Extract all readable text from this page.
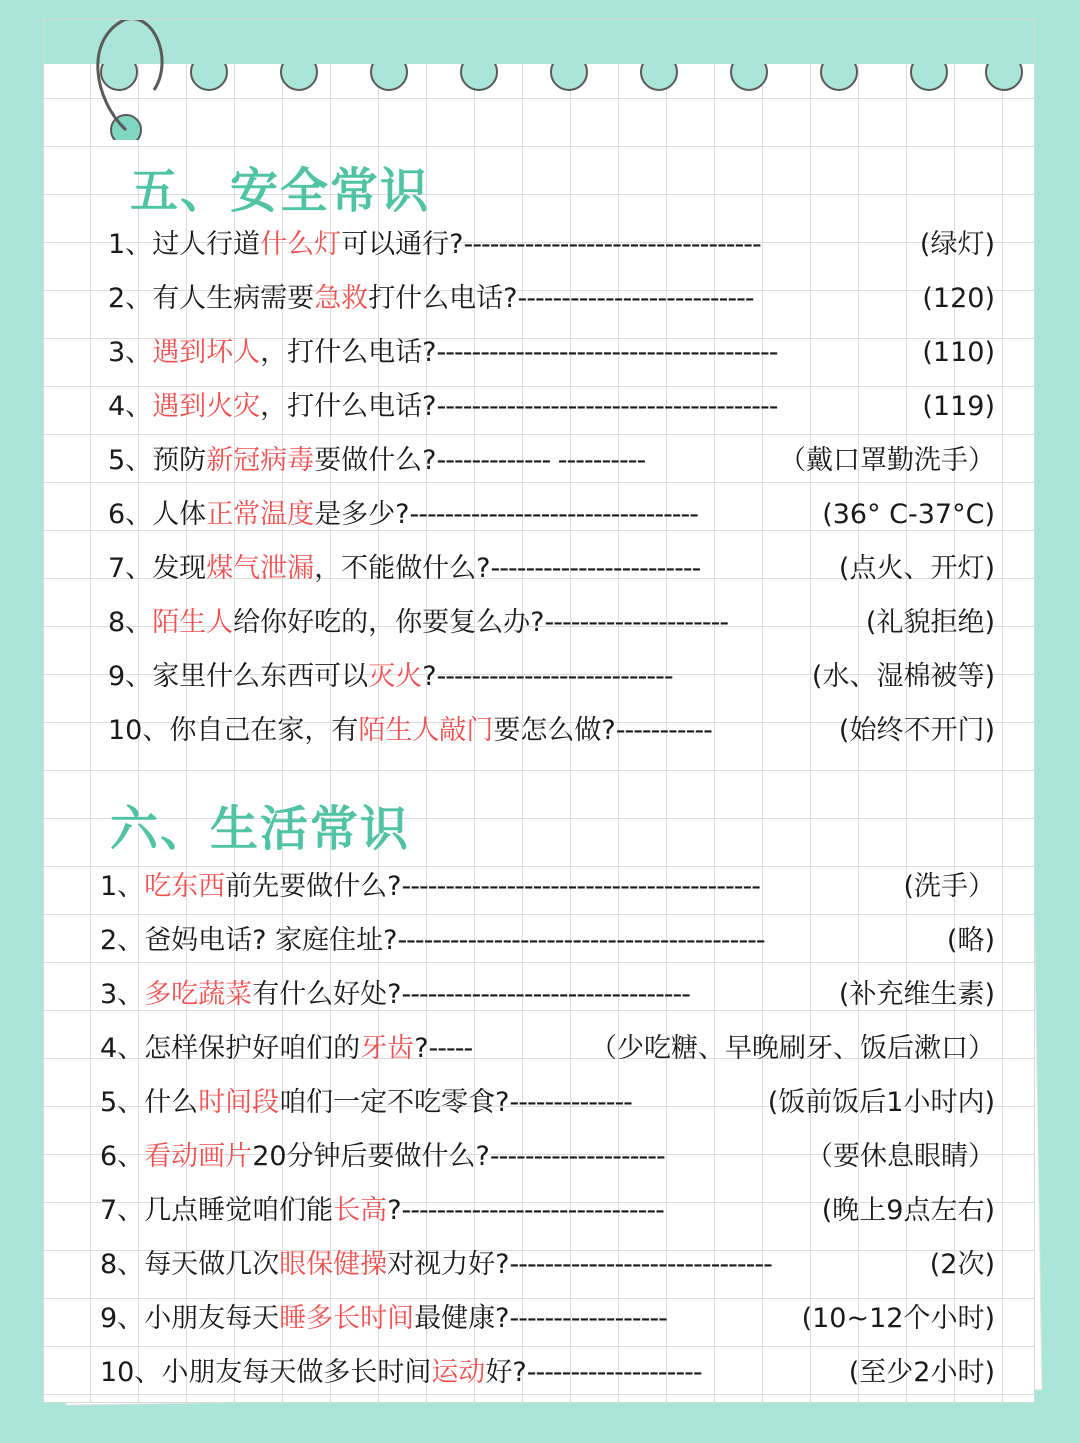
五、安全常识
1、过人行道什么灯可以通行?----------------------------------	(绿灯)
2、有人生病需要急救打什么电话?---------------------------	(120)
3、遇到坏人，打什么电话?---------------------------------------	(110)
4、遇到火灾，打什么电话?---------------------------------------	(119)
5、预防新冠病毒要做什么?------------- ----------	（戴口罩勤洗手）
6、人体正常温度是多少?---------------------------------	(36° C-37°C)
7、发现煤气泄漏，不能做什么?------------------------	(点火、开灯)
8、陌生人给你好吃的，你要复么办?---------------------	(礼貌拒绝)
9、家里什么东西可以灭火?---------------------------	(水、湿棉被等)
10、你自己在家，有陌生人敲门要怎么做?-----------	(始终不开门)
六、生活常识
1、吃东西前先要做什么?-----------------------------------------	(洗手）
2、爸妈电话? 家庭住址?------------------------------------------	(略)
3、多吃蔬菜有什么好处?---------------------------------	(补充维生素)
4、怎样保护好咱们的牙齿?-----	（少吃糖、早晚刷牙、饭后漱口）
5、什么时间段咱们一定不吃零食?--------------	(饭前饭后1小时内)
6、看动画片20分钟后要做什么?--------------------	（要休息眼睛）
7、几点睡觉咱们能长高?------------------------------	(晚上9点左右)
8、每天做几次眼保健操对视力好?------------------------------	(2次)
9、小朋友每天睡多长时间最健康?------------------	(10~12个小时)
10、小朋友每天做多长时间运动好?--------------------	(至少2小时)
